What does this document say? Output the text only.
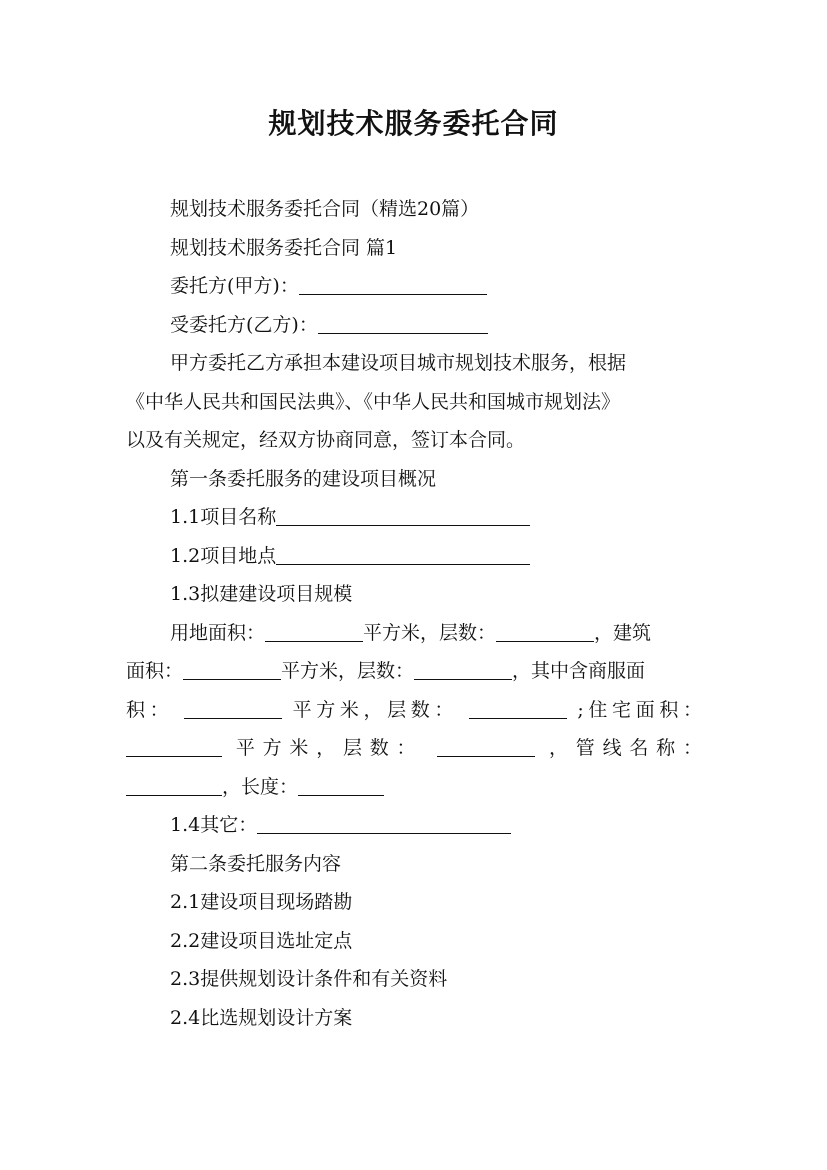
规划技术服务委托合同
规划技术服务委托合同（精选20篇）
规划技术服务委托合同 篇1
委托方(甲方)：
受委托方(乙方)：
甲方委托乙方承担本建设项目城市规划技术服务，根据
《中华人民共和国民法典》、《中华人民共和国城市规划法》
以及有关规定，经双方协商同意，签订本合同。
第一条委托服务的建设项目概况
1.1项目名称
1.2项目地点
1.3拟建建设项目规模
用地面积：	平方米，层数：	，建筑
面积：	平方米，层数：	，其中含商服面
积：	平方米，层数：	;住宅面积：
平方米，层数：	，管线名称：
，长度：
1.4其它：
第二条委托服务内容
2.1建设项目现场踏勘
2.2建设项目选址定点
2.3提供规划设计条件和有关资料
2.4比选规划设计方案
